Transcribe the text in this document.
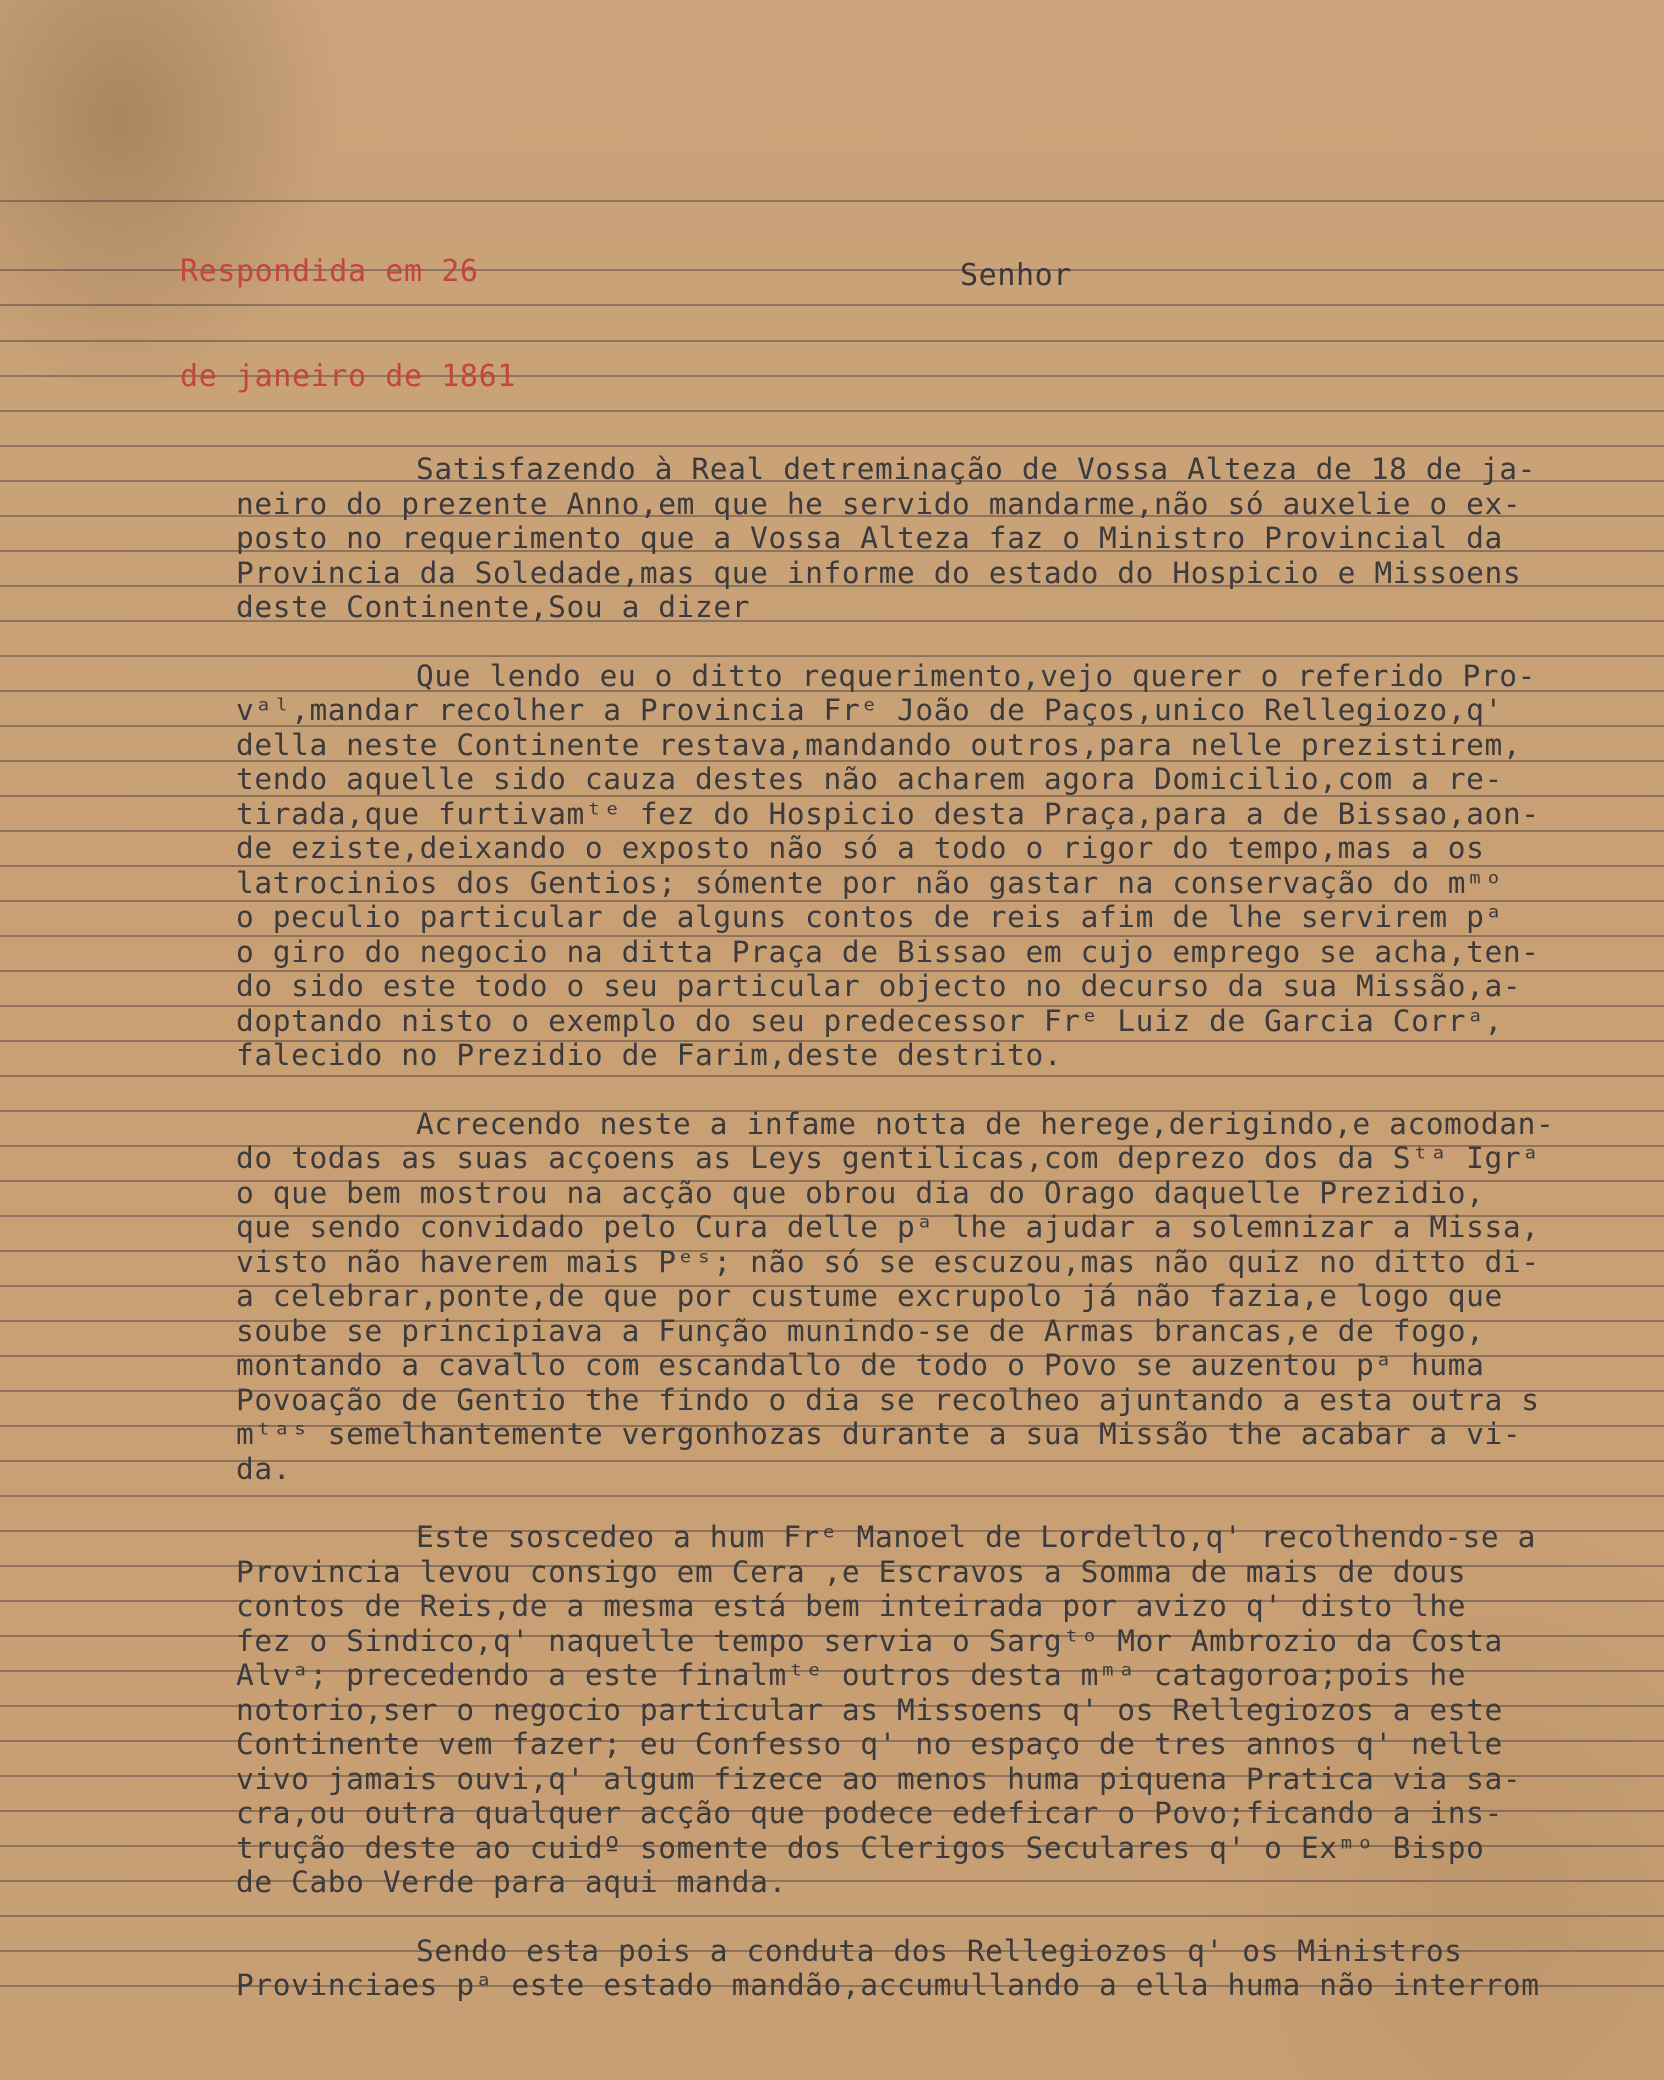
Respondida em 26

de janeiro de 1861

Senhor
Satisfazendo à Real detreminação de Vossa Alteza de 18 de ja-
neiro do prezente Anno,em que he servido mandarme,não só auxelie o ex-
posto no requerimento que a Vossa Alteza faz o Ministro Provincial da
Provincia da Soledade,mas que informe do estado do Hospicio e Missoens
deste Continente,Sou a dizer
Que lendo eu o ditto requerimento,vejo querer o referido Pro-
vᵃˡ,mandar recolher a Provincia Frᵉ João de Paços,unico Rellegiozo,q'
della neste Continente restava,mandando outros,para nelle prezistirem,
tendo aquelle sido cauza destes não acharem agora Domicilio,com a re-
tirada,que furtivamᵗᵉ fez do Hospicio desta Praça,para a de Bissao,aon-
de eziste,deixando o exposto não só a todo o rigor do tempo,mas a os
latrocinios dos Gentios; sómente por não gastar na conservação do mᵐᵒ
o peculio particular de alguns contos de reis afim de lhe servirem pᵃ
o giro do negocio na ditta Praça de Bissao em cujo emprego se acha,ten-
do sido este todo o seu particular objecto no decurso da sua Missão,a-
doptando nisto o exemplo do seu predecessor Frᵉ Luiz de Garcia Corrᵃ,
falecido no Prezidio de Farim,deste destrito.
Acrecendo neste a infame notta de herege,derigindo,e acomodan-
do todas as suas acçoens as Leys gentilicas,com deprezo dos da Sᵗᵃ Igrᵃ
o que bem mostrou na acção que obrou dia do Orago daquelle Prezidio,
que sendo convidado pelo Cura delle pᵃ lhe ajudar a solemnizar a Missa,
visto não haverem mais Pᵉˢ; não só se escuzou,mas não quiz no ditto di-
a celebrar,ponte,de que por custume excrupolo já não fazia,e logo que
soube se principiava a Função munindo-se de Armas brancas,e de fogo,
montando a cavallo com escandallo de todo o Povo se auzentou pᵃ huma
Povoação de Gentio the findo o dia se recolheo ajuntando a esta outra s
mᵗᵃˢ semelhantemente vergonhozas durante a sua Missão the acabar a vi-
da.
Este soscedeo a hum Frᵉ Manoel de Lordello,q' recolhendo-se a
Provincia levou consigo em Cera ,e Escravos a Somma de mais de dous
contos de Reis,de a mesma está bem inteirada por avizo q' disto lhe
fez o Sindico,q' naquelle tempo servia o Sargᵗᵒ Mor Ambrozio da Costa
Alvᵃ; precedendo a este finalmᵗᵉ outros desta mᵐᵃ catagoroa;pois he
notorio,ser o negocio particular as Missoens q' os Rellegiozos a este
Continente vem fazer; eu Confesso q' no espaço de tres annos q' nelle
vivo jamais ouvi,q' algum fizece ao menos huma piquena Pratica via sa-
cra,ou outra qualquer acção que podece edeficar o Povo;ficando a ins-
trução deste ao cuidº somente dos Clerigos Seculares q' o Exᵐᵒ Bispo
de Cabo Verde para aqui manda.
Sendo esta pois a conduta dos Rellegiozos q' os Ministros
Provinciaes pᵃ este estado mandão,accumullando a ella huma não interrom
